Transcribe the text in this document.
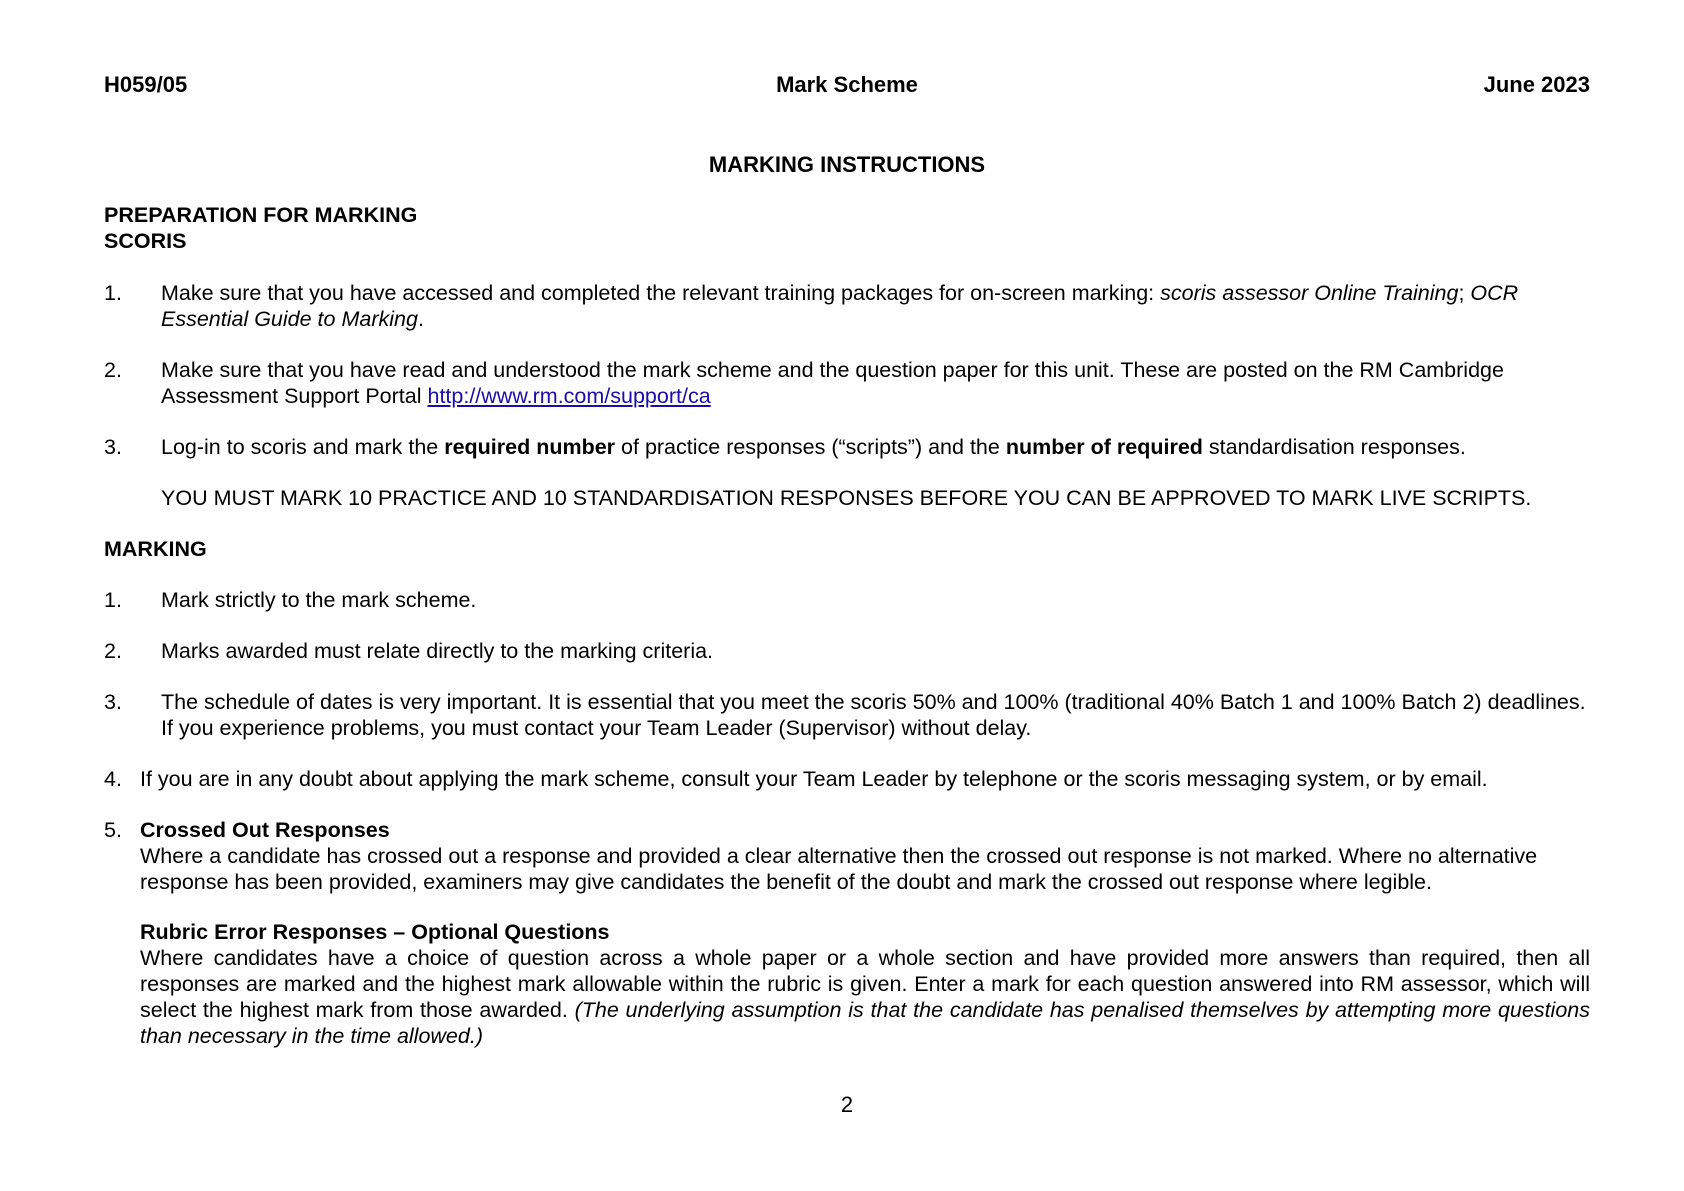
H059/05	Mark Scheme	June 2023
MARKING INSTRUCTIONS
PREPARATION FOR MARKING
SCORIS
1. Make sure that you have accessed and completed the relevant training packages for on-screen marking: scoris assessor Online Training; OCR Essential Guide to Marking.
2. Make sure that you have read and understood the mark scheme and the question paper for this unit. These are posted on the RM Cambridge Assessment Support Portal http://www.rm.com/support/ca
3. Log-in to scoris and mark the required number of practice responses (“scripts”) and the number of required standardisation responses.
YOU MUST MARK 10 PRACTICE AND 10 STANDARDISATION RESPONSES BEFORE YOU CAN BE APPROVED TO MARK LIVE SCRIPTS.
MARKING
1. Mark strictly to the mark scheme.
2. Marks awarded must relate directly to the marking criteria.
3. The schedule of dates is very important. It is essential that you meet the scoris 50% and 100% (traditional 40% Batch 1 and 100% Batch 2) deadlines. If you experience problems, you must contact your Team Leader (Supervisor) without delay.
4. If you are in any doubt about applying the mark scheme, consult your Team Leader by telephone or the scoris messaging system, or by email.
5. Crossed Out Responses
Where a candidate has crossed out a response and provided a clear alternative then the crossed out response is not marked. Where no alternative response has been provided, examiners may give candidates the benefit of the doubt and mark the crossed out response where legible.
Rubric Error Responses – Optional Questions
Where candidates have a choice of question across a whole paper or a whole section and have provided more answers than required, then all responses are marked and the highest mark allowable within the rubric is given. Enter a mark for each question answered into RM assessor, which will select the highest mark from those awarded. (The underlying assumption is that the candidate has penalised themselves by attempting more questions than necessary in the time allowed.)
2
